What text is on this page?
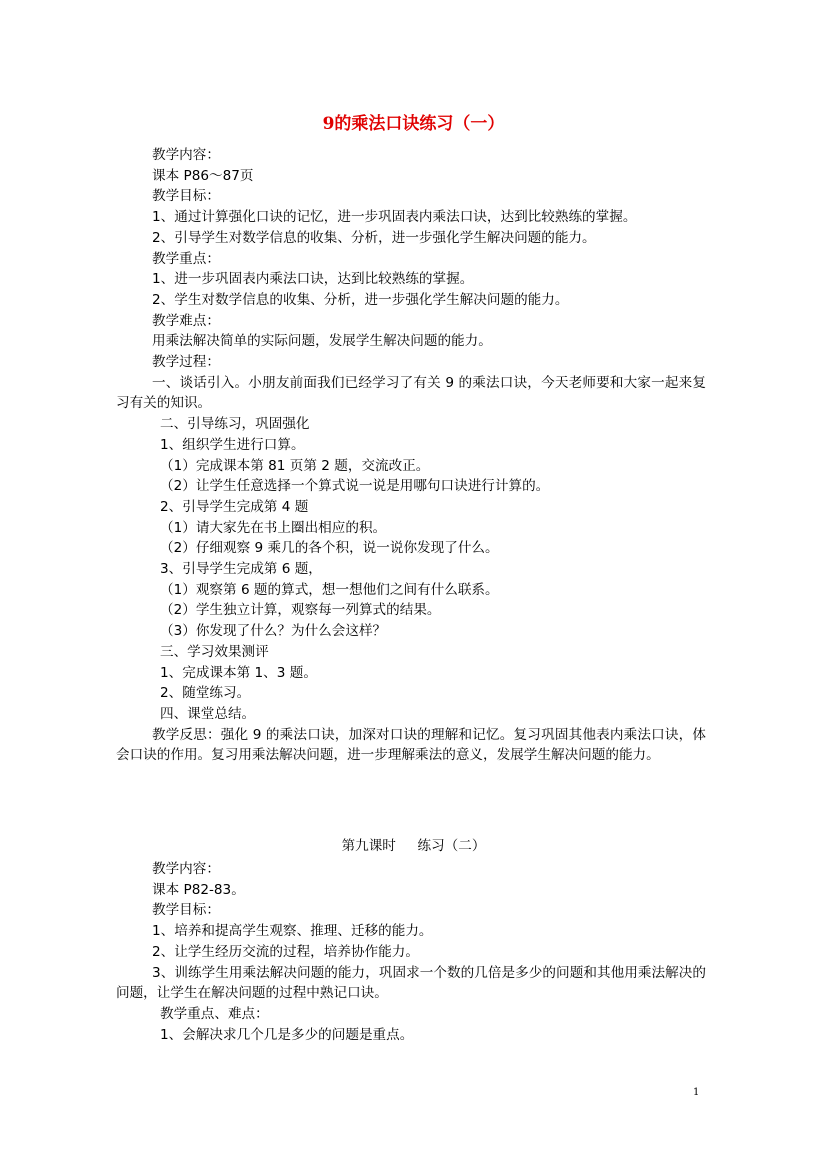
9的乘法口诀练习（一）

教学内容：

课本 P86～87页

教学目标：

1、通过计算强化口诀的记忆，进一步巩固表内乘法口诀，达到比较熟练的掌握。

2、引导学生对数学信息的收集、分析，进一步强化学生解决问题的能力。

教学重点：

1、进一步巩固表内乘法口诀，达到比较熟练的掌握。

2、学生对数学信息的收集、分析，进一步强化学生解决问题的能力。

教学难点：

用乘法解决简单的实际问题，发展学生解决问题的能力。

教学过程：

一、谈话引入。小朋友前面我们已经学习了有关 9 的乘法口诀，今天老师要和大家一起来复习有关的知识。

二、引导练习，巩固强化

1、组织学生进行口算。

（1）完成课本第 81 页第 2 题，交流改正。

（2）让学生任意选择一个算式说一说是用哪句口诀进行计算的。

2、引导学生完成第 4 题

（1）请大家先在书上圈出相应的积。

（2）仔细观察 9 乘几的各个积，说一说你发现了什么。

3、引导学生完成第 6 题，

（1）观察第 6 题的算式，想一想他们之间有什么联系。

（2）学生独立计算，观察每一列算式的结果。

（3）你发现了什么？为什么会这样？

三、学习效果测评

1、完成课本第 1、3 题。

2、随堂练习。

四、课堂总结。

教学反思：强化 9 的乘法口诀，加深对口诀的理解和记忆。复习巩固其他表内乘法口诀，体会口诀的作用。复习用乘法解决问题，进一步理解乘法的意义，发展学生解决问题的能力。

第九课时     练习（二）

教学内容：

课本 P82-83。

教学目标：

1、培养和提高学生观察、推理、迁移的能力。

2、让学生经历交流的过程，培养协作能力。

3、训练学生用乘法解决问题的能力，巩固求一个数的几倍是多少的问题和其他用乘法解决的问题，让学生在解决问题的过程中熟记口诀。

教学重点、难点：

1、会解决求几个几是多少的问题是重点。

1
